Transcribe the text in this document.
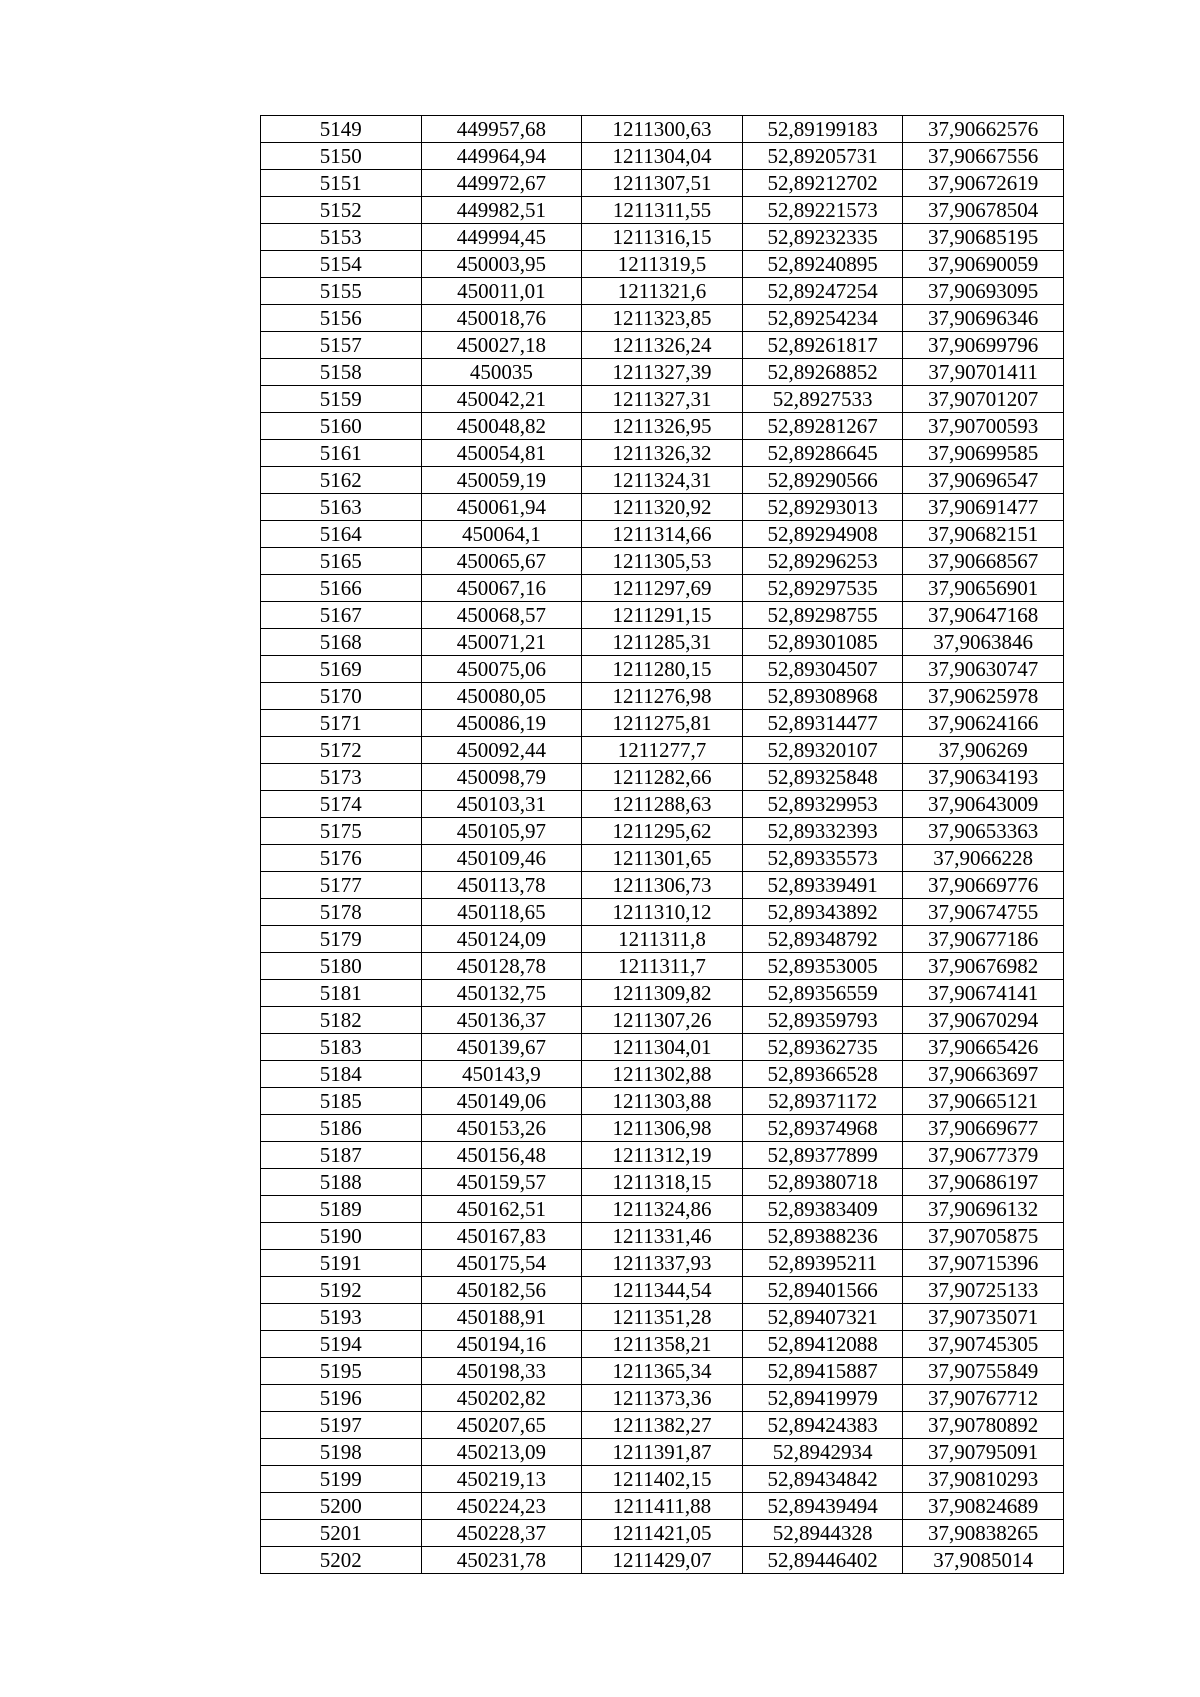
5149	449957,68	1211300,63	52,89199183	37,90662576
5150	449964,94	1211304,04	52,89205731	37,90667556
5151	449972,67	1211307,51	52,89212702	37,90672619
5152	449982,51	1211311,55	52,89221573	37,90678504
5153	449994,45	1211316,15	52,89232335	37,90685195
5154	450003,95	1211319,5	52,89240895	37,90690059
5155	450011,01	1211321,6	52,89247254	37,90693095
5156	450018,76	1211323,85	52,89254234	37,90696346
5157	450027,18	1211326,24	52,89261817	37,90699796
5158	450035	1211327,39	52,89268852	37,90701411
5159	450042,21	1211327,31	52,8927533	37,90701207
5160	450048,82	1211326,95	52,89281267	37,90700593
5161	450054,81	1211326,32	52,89286645	37,90699585
5162	450059,19	1211324,31	52,89290566	37,90696547
5163	450061,94	1211320,92	52,89293013	37,90691477
5164	450064,1	1211314,66	52,89294908	37,90682151
5165	450065,67	1211305,53	52,89296253	37,90668567
5166	450067,16	1211297,69	52,89297535	37,90656901
5167	450068,57	1211291,15	52,89298755	37,90647168
5168	450071,21	1211285,31	52,89301085	37,9063846
5169	450075,06	1211280,15	52,89304507	37,90630747
5170	450080,05	1211276,98	52,89308968	37,90625978
5171	450086,19	1211275,81	52,89314477	37,90624166
5172	450092,44	1211277,7	52,89320107	37,906269
5173	450098,79	1211282,66	52,89325848	37,90634193
5174	450103,31	1211288,63	52,89329953	37,90643009
5175	450105,97	1211295,62	52,89332393	37,90653363
5176	450109,46	1211301,65	52,89335573	37,9066228
5177	450113,78	1211306,73	52,89339491	37,90669776
5178	450118,65	1211310,12	52,89343892	37,90674755
5179	450124,09	1211311,8	52,89348792	37,90677186
5180	450128,78	1211311,7	52,89353005	37,90676982
5181	450132,75	1211309,82	52,89356559	37,90674141
5182	450136,37	1211307,26	52,89359793	37,90670294
5183	450139,67	1211304,01	52,89362735	37,90665426
5184	450143,9	1211302,88	52,89366528	37,90663697
5185	450149,06	1211303,88	52,89371172	37,90665121
5186	450153,26	1211306,98	52,89374968	37,90669677
5187	450156,48	1211312,19	52,89377899	37,90677379
5188	450159,57	1211318,15	52,89380718	37,90686197
5189	450162,51	1211324,86	52,89383409	37,90696132
5190	450167,83	1211331,46	52,89388236	37,90705875
5191	450175,54	1211337,93	52,89395211	37,90715396
5192	450182,56	1211344,54	52,89401566	37,90725133
5193	450188,91	1211351,28	52,89407321	37,90735071
5194	450194,16	1211358,21	52,89412088	37,90745305
5195	450198,33	1211365,34	52,89415887	37,90755849
5196	450202,82	1211373,36	52,89419979	37,90767712
5197	450207,65	1211382,27	52,89424383	37,90780892
5198	450213,09	1211391,87	52,8942934	37,90795091
5199	450219,13	1211402,15	52,89434842	37,90810293
5200	450224,23	1211411,88	52,89439494	37,90824689
5201	450228,37	1211421,05	52,8944328	37,90838265
5202	450231,78	1211429,07	52,89446402	37,9085014
